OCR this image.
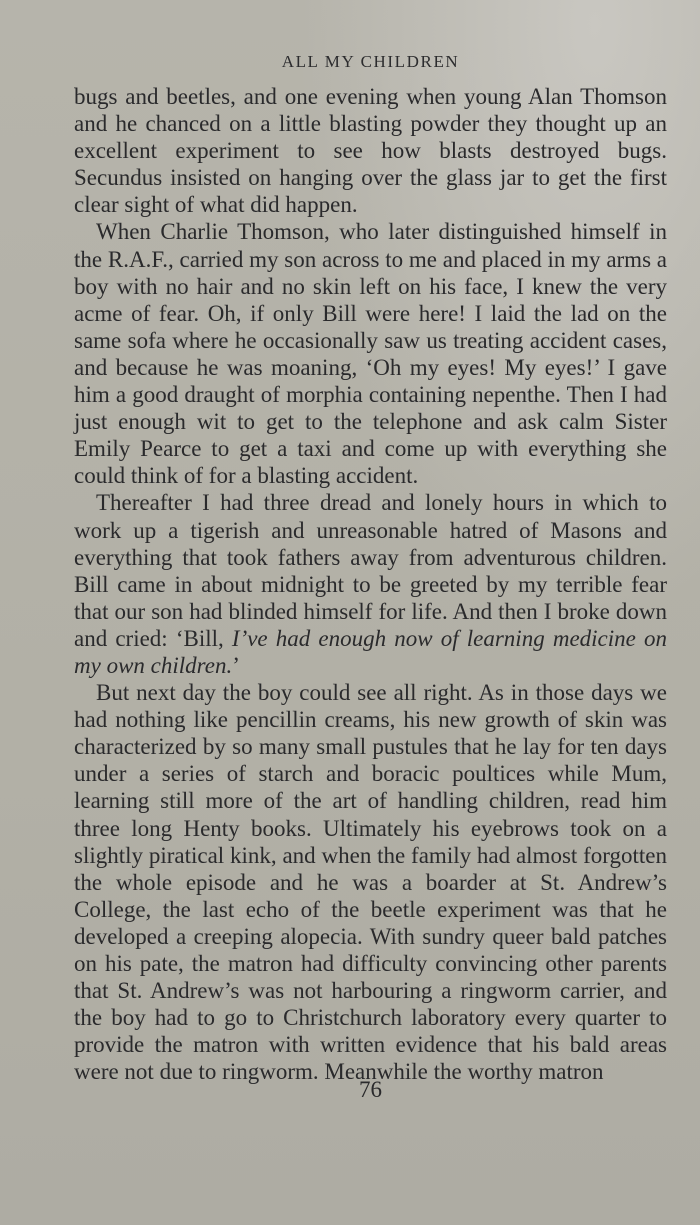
ALL MY CHILDREN

bugs and beetles, and one evening when young Alan Thomson and he chanced on a little blasting powder they thought up an excellent experiment to see how blasts destroyed bugs. Secundus insisted on hanging over the glass jar to get the first clear sight of what did happen.

When Charlie Thomson, who later distinguished himself in the R.A.F., carried my son across to me and placed in my arms a boy with no hair and no skin left on his face, I knew the very acme of fear. Oh, if only Bill were here! I laid the lad on the same sofa where he occasionally saw us treating accident cases, and because he was moaning, ‘Oh my eyes! My eyes!’ I gave him a good draught of morphia containing nepenthe. Then I had just enough wit to get to the telephone and ask calm Sister Emily Pearce to get a taxi and come up with everything she could think of for a blasting accident.

Thereafter I had three dread and lonely hours in which to work up a tigerish and unreasonable hatred of Masons and everything that took fathers away from adventurous children. Bill came in about midnight to be greeted by my terrible fear that our son had blinded himself for life. And then I broke down and cried: ‘Bill, I’ve had enough now of learning medicine on my own children.’

But next day the boy could see all right. As in those days we had nothing like pencillin creams, his new growth of skin was characterized by so many small pustules that he lay for ten days under a series of starch and boracic poultices while Mum, learning still more of the art of handling children, read him three long Henty books. Ultimately his eyebrows took on a slightly piratical kink, and when the family had almost forgotten the whole episode and he was a boarder at St. Andrew’s College, the last echo of the beetle experiment was that he developed a creeping alopecia. With sundry queer bald patches on his pate, the matron had difficulty convincing other parents that St. Andrew’s was not harbouring a ringworm carrier, and the boy had to go to Christchurch laboratory every quarter to provide the matron with written evidence that his bald areas were not due to ringworm. Meanwhile the worthy matron

76
